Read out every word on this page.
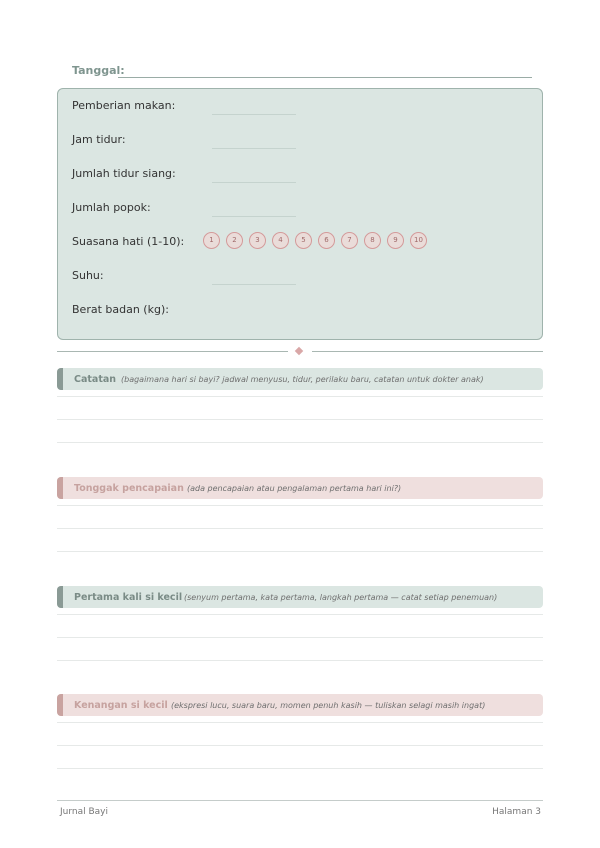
Tanggal:
Pemberian makan:
Jam tidur:
Jumlah tidur siang:
Jumlah popok:
Suasana hati (1-10):	1	2	3	4	5	6	7	8	9	10
Suhu:
Berat badan (kg):
Catatan (bagaimana hari si bayi? jadwal menyusu, tidur, perilaku baru, catatan untuk dokter anak)
Tonggak pencapaian (ada pencapaian atau pengalaman pertama hari ini?)
Pertama kali si kecil (senyum pertama, kata pertama, langkah pertama — catat setiap penemuan)
Kenangan si kecil (ekspresi lucu, suara baru, momen penuh kasih — tuliskan selagi masih ingat)
Jurnal Bayi	Halaman 3
